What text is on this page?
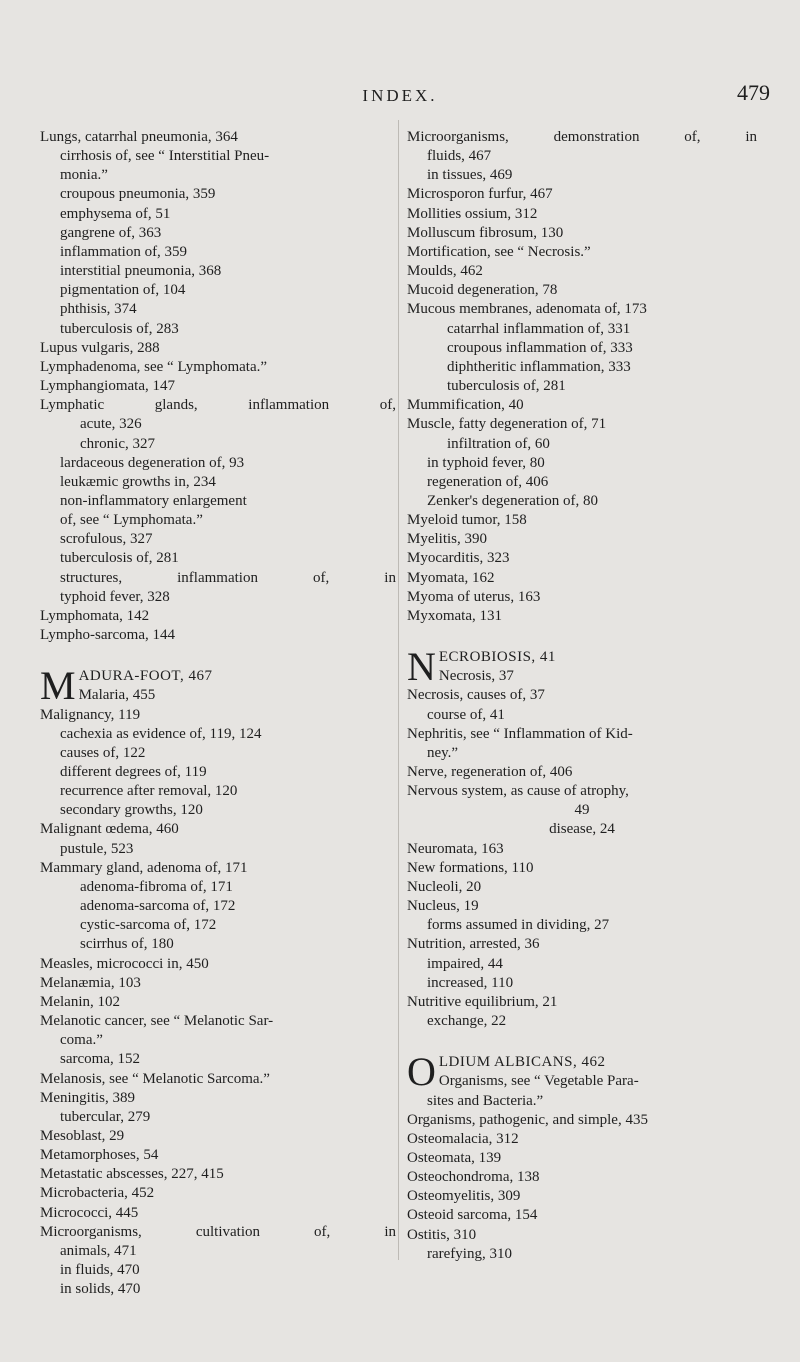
INDEX.	479
Lungs, catarrhal pneumonia, 364
cirrhosis of, see “ Interstitial Pneu-
monia.”
croupous pneumonia, 359
emphysema of, 51
gangrene of, 363
inflammation of, 359
interstitial pneumonia, 368
pigmentation of, 104
phthisis, 374
tuberculosis of, 283
Lupus vulgaris, 288
Lymphadenoma, see “ Lymphomata.”
Lymphangiomata, 147
Lymphatic	glands,	inflammation	of,
acute, 326
chronic, 327
lardaceous degeneration of, 93
leukæmic growths in, 234
non-inflammatory enlargement
of, see “ Lymphomata.”
scrofulous, 327
tuberculosis of, 281
structures,	inflammation	of,	in
typhoid fever, 328
Lymphomata, 142
Lympho-sarcoma, 144
M ADURA-FOOT, 467
Malaria, 455
Malignancy, 119
cachexia as evidence of, 119, 124
causes of, 122
different degrees of, 119
recurrence after removal, 120
secondary growths, 120
Malignant œdema, 460
pustule, 523
Mammary gland, adenoma of, 171
adenoma-fibroma of, 171
adenoma-sarcoma of, 172
cystic-sarcoma of, 172
scirrhus of, 180
Measles, micrococci in, 450
Melanæmia, 103
Melanin, 102
Melanotic cancer, see “ Melanotic Sar-
coma.”
sarcoma, 152
Melanosis, see “ Melanotic Sarcoma.”
Meningitis, 389
tubercular, 279
Mesoblast, 29
Metamorphoses, 54
Metastatic abscesses, 227, 415
Microbacteria, 452
Micrococci, 445
Microorganisms,	cultivation	of,	in
animals, 471
in fluids, 470
in solids, 470
Microorganisms,	demonstration	of,	in
fluids, 467
in tissues, 469
Microsporon furfur, 467
Mollities ossium, 312
Molluscum fibrosum, 130
Mortification, see “ Necrosis.”
Moulds, 462
Mucoid degeneration, 78
Mucous membranes, adenomata of, 173
catarrhal inflammation of, 331
croupous inflammation of, 333
diphtheritic inflammation, 333
tuberculosis of, 281
Mummification, 40
Muscle, fatty degeneration of, 71
infiltration of, 60
in typhoid fever, 80
regeneration of, 406
Zenker's degeneration of, 80
Myeloid tumor, 158
Myelitis, 390
Myocarditis, 323
Myomata, 162
Myoma of uterus, 163
Myxomata, 131
N ECROBIOSIS, 41
Necrosis, 37
Necrosis, causes of, 37
course of, 41
Nephritis, see “ Inflammation of Kid-
ney.”
Nerve, regeneration of, 406
Nervous system, as cause of atrophy,
49
disease, 24
Neuromata, 163
New formations, 110
Nucleoli, 20
Nucleus, 19
forms assumed in dividing, 27
Nutrition, arrested, 36
impaired, 44
increased, 110
Nutritive equilibrium, 21
exchange, 22
O LDIUM ALBICANS, 462
Organisms, see “ Vegetable Para-
sites and Bacteria.”
Organisms, pathogenic, and simple, 435
Osteomalacia, 312
Osteomata, 139
Osteochondroma, 138
Osteomyelitis, 309
Osteoid sarcoma, 154
Ostitis, 310
rarefying, 310
